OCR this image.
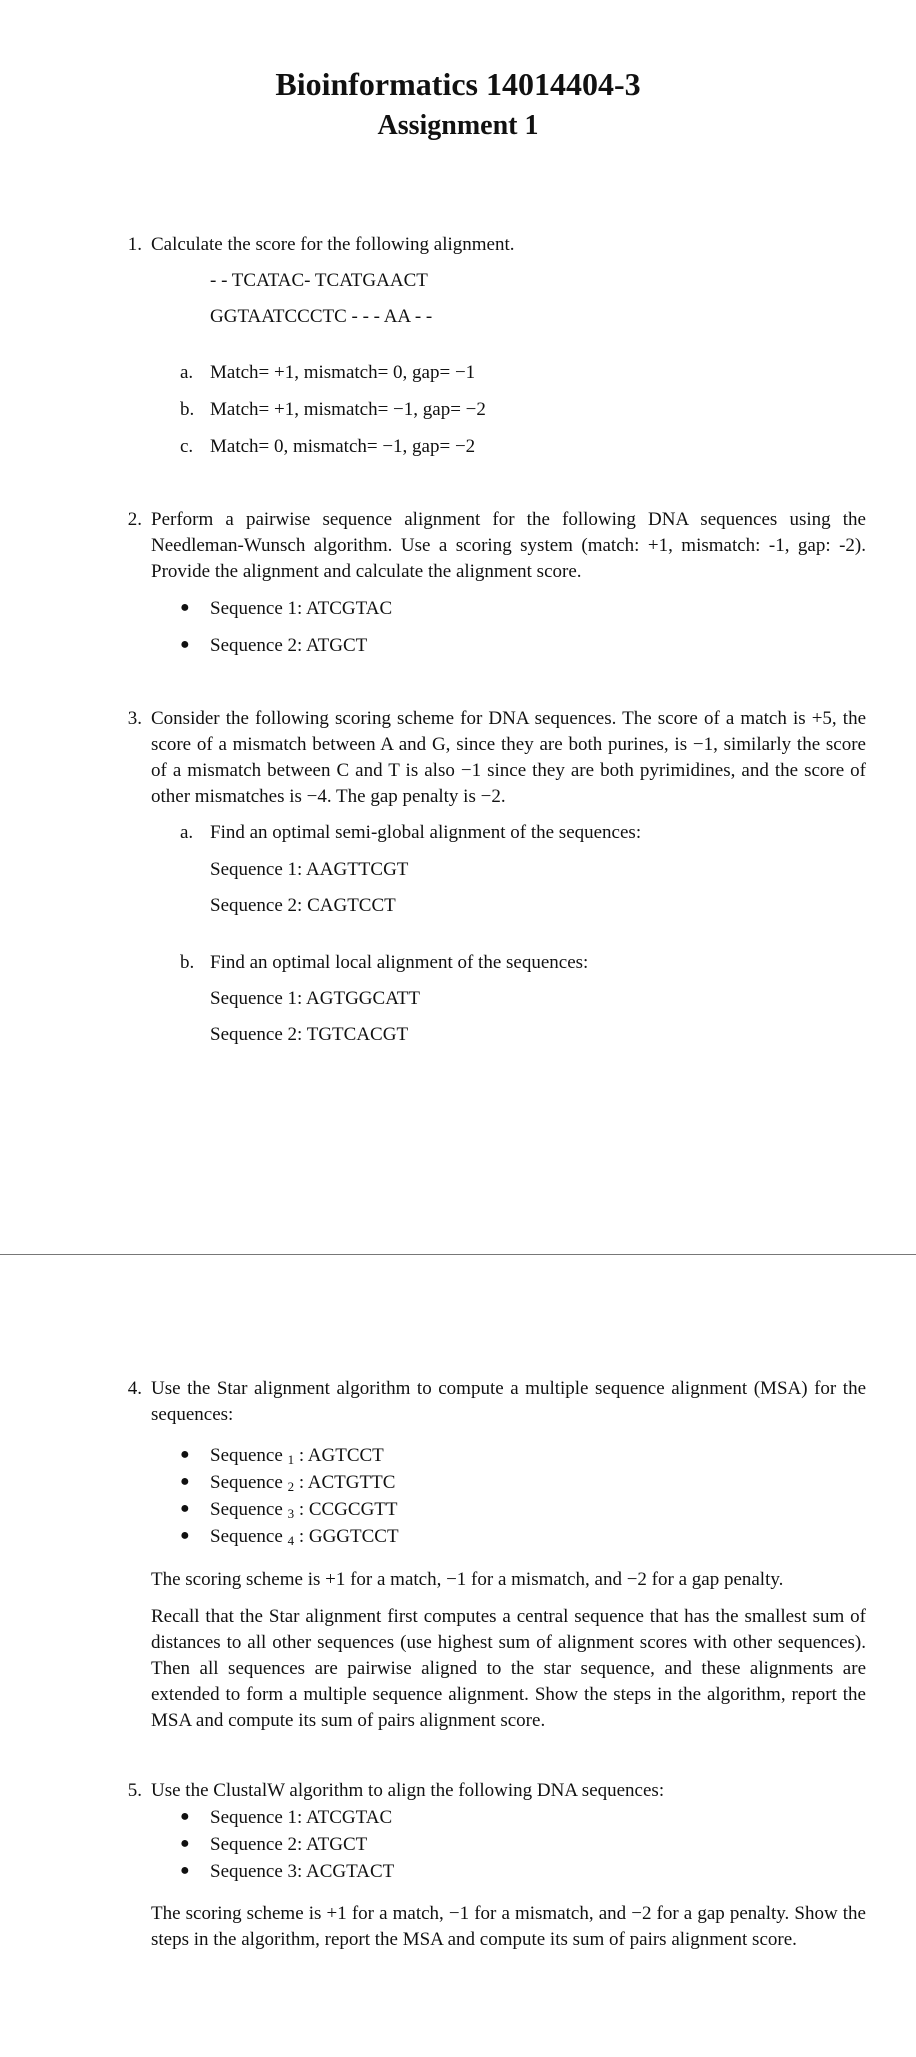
Bioinformatics 14014404-3
Assignment 1
1. Calculate the score for the following alignment.
- - TCATAC- TCATGAACT
GGTAATCCCTC - - - AA - -
a. Match= +1, mismatch= 0, gap= −1
b. Match= +1, mismatch= −1, gap= −2
c. Match= 0, mismatch= −1, gap= −2
2. Perform a pairwise sequence alignment for the following DNA sequences using the Needleman-Wunsch algorithm. Use a scoring system (match: +1, mismatch: -1, gap: -2). Provide the alignment and calculate the alignment score.
● Sequence 1: ATCGTAC
● Sequence 2: ATGCT
3. Consider the following scoring scheme for DNA sequences. The score of a match is +5, the score of a mismatch between A and G, since they are both purines, is −1, similarly the score of a mismatch between C and T is also −1 since they are both pyrimidines, and the score of other mismatches is −4. The gap penalty is −2.
a. Find an optimal semi-global alignment of the sequences:
Sequence 1: AAGTTCGT
Sequence 2: CAGTCCT
b. Find an optimal local alignment of the sequences:
Sequence 1: AGTGGCATT
Sequence 2: TGTCACGT
4. Use the Star alignment algorithm to compute a multiple sequence alignment (MSA) for the sequences:
● Sequence $_1$ : AGTCCT
● Sequence $_2$ : ACTGTTC
● Sequence $_3$ : CCGCGTT
● Sequence $_4$ : GGGTCCT
The scoring scheme is +1 for a match, −1 for a mismatch, and −2 for a gap penalty.
Recall that the Star alignment first computes a central sequence that has the smallest sum of distances to all other sequences (use highest sum of alignment scores with other sequences). Then all sequences are pairwise aligned to the star sequence, and these alignments are extended to form a multiple sequence alignment. Show the steps in the algorithm, report the MSA and compute its sum of pairs alignment score.
5. Use the ClustalW algorithm to align the following DNA sequences:
● Sequence 1: ATCGTAC
● Sequence 2: ATGCT
● Sequence 3: ACGTACT
The scoring scheme is +1 for a match, −1 for a mismatch, and −2 for a gap penalty. Show the steps in the algorithm, report the MSA and compute its sum of pairs alignment score.
